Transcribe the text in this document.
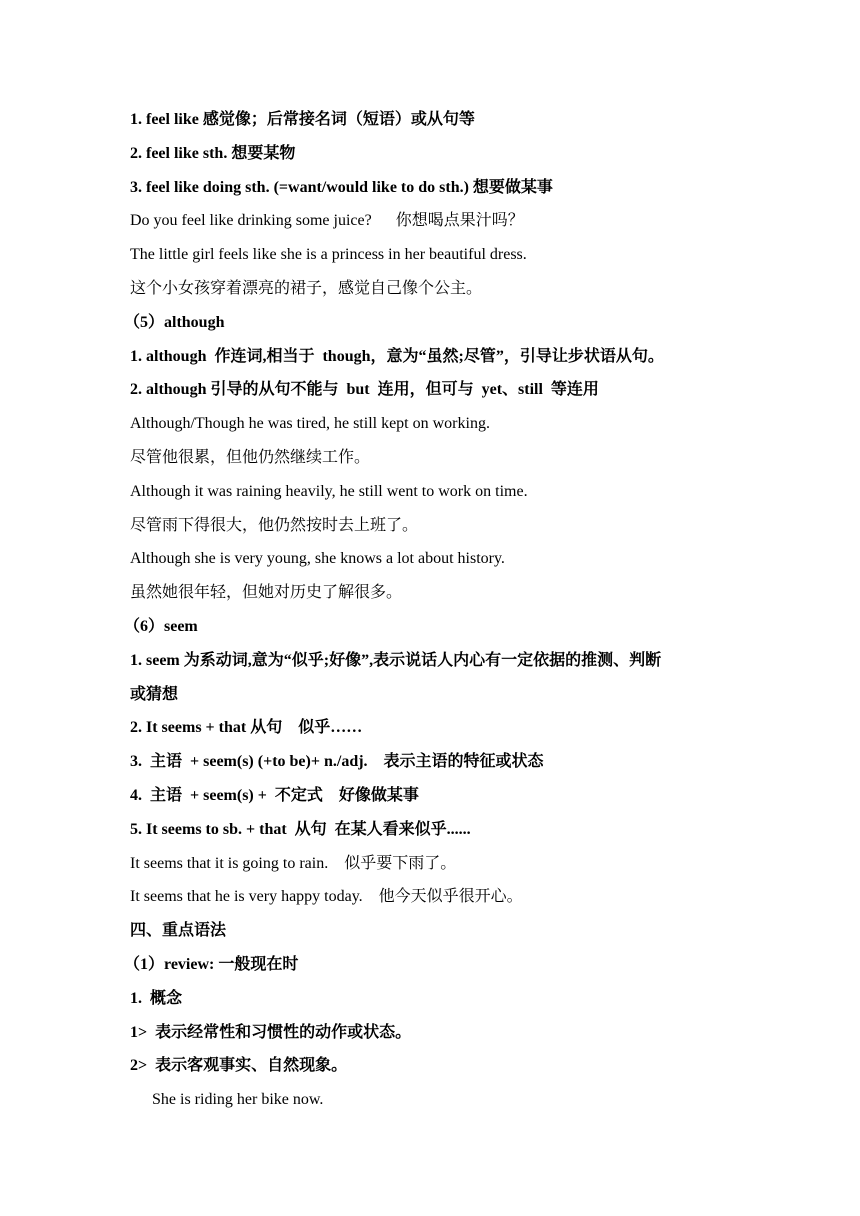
1. feel like 感觉像；后常接名词（短语）或从句等
2. feel like sth. 想要某物
3. feel like doing sth. (=want/would like to do sth.) 想要做某事
Do you feel like drinking some juice?      你想喝点果汁吗？
The little girl feels like she is a princess in her beautiful dress.
这个小女孩穿着漂亮的裙子，感觉自己像个公主。
（5）although
1. although  作连词,相当于  though，意为“虽然;尽管”，引导让步状语从句。
2. although 引导的从句不能与  but  连用，但可与  yet、still  等连用
Although/Though he was tired, he still kept on working.
尽管他很累，但他仍然继续工作。
Although it was raining heavily, he still went to work on time.
尽管雨下得很大，他仍然按时去上班了。
Although she is very young, she knows a lot about history.
虽然她很年轻，但她对历史了解很多。
（6）seem
1. seem 为系动词,意为“似乎;好像”,表示说话人内心有一定依据的推测、判断
或猜想
2. It seems + that 从句    似乎……
3.  主语  + seem(s) (+to be)+ n./adj.    表示主语的特征或状态
4.  主语  + seem(s) +  不定式    好像做某事
5. It seems to sb. + that  从句  在某人看来似乎......
It seems that it is going to rain.    似乎要下雨了。
It seems that he is very happy today.    他今天似乎很开心。
四、重点语法
（1）review: 一般现在时
1.  概念
1>  表示经常性和习惯性的动作或状态。
2>  表示客观事实、自然现象。
She is riding her bike now.
